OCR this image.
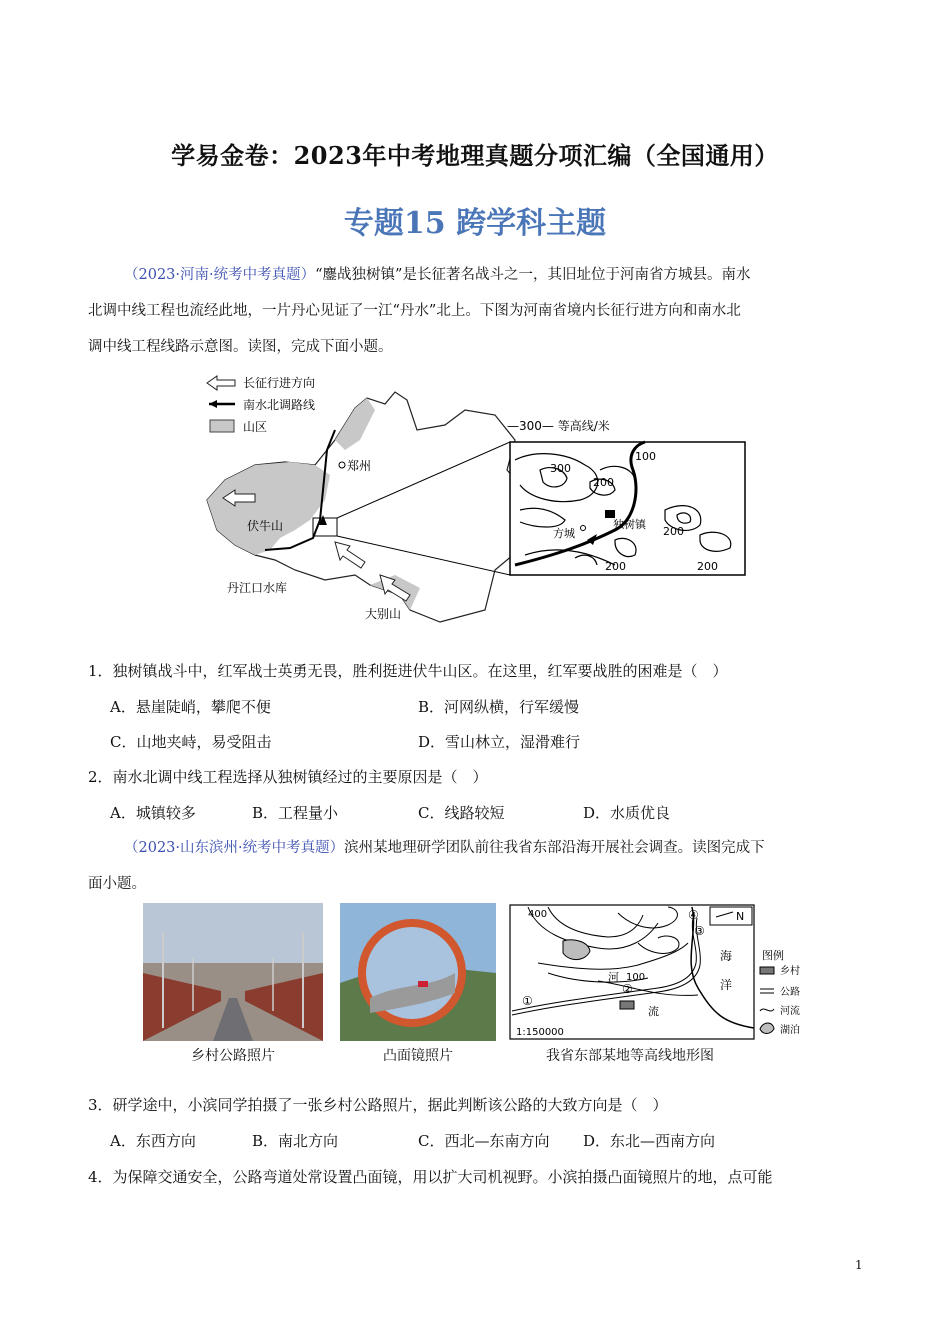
学易金卷：2023年中考地理真题分项汇编（全国通用）
专题15 跨学科主题
（2023·河南·统考中考真题）“鏖战独树镇”是长征著名战斗之一，其旧址位于河南省方城县。南水
北调中线工程也流经此地，一片丹心见证了一江“丹水”北上。下图为河南省境内长征行进方向和南水北
调中线工程线路示意图。读图，完成下面小题。
长征行进方向
南水北调路线
山区
郑州
伏牛山
丹江口水库
大别山
—300— 等高线/米
方城
独树镇
300
200
100
200
200	200
1．独树镇战斗中，红军战士英勇无畏，胜利挺进伏牛山区。在这里，红军要战胜的困难是（　）
A．悬崖陡峭，攀爬不便	B．河网纵横，行军缓慢
C．山地夹峙，易受阻击	D．雪山林立，湿滑难行
2．南水北调中线工程选择从独树镇经过的主要原因是（　）
A．城镇较多	B．工程量小	C．线路较短	D．水质优良
（2023·山东滨州·统考中考真题）滨州某地理研学团队前往我省东部沿海开展社会调查。读图完成下
面小题。
乡村公路照片	凸面镜照片
400
100
1:150000
海
洋
河
流
①
②
③
④	N
图例
乡村
公路
河流
湖泊
我省东部某地等高线地形图
3．研学途中，小滨同学拍摄了一张乡村公路照片，据此判断该公路的大致方向是（　）
A．东西方向	B．南北方向	C．西北—东南方向 D．东北—西南方向
4．为保障交通安全，公路弯道处常设置凸面镜，用以扩大司机视野。小滨拍摄凸面镜照片的地，点可能
1
